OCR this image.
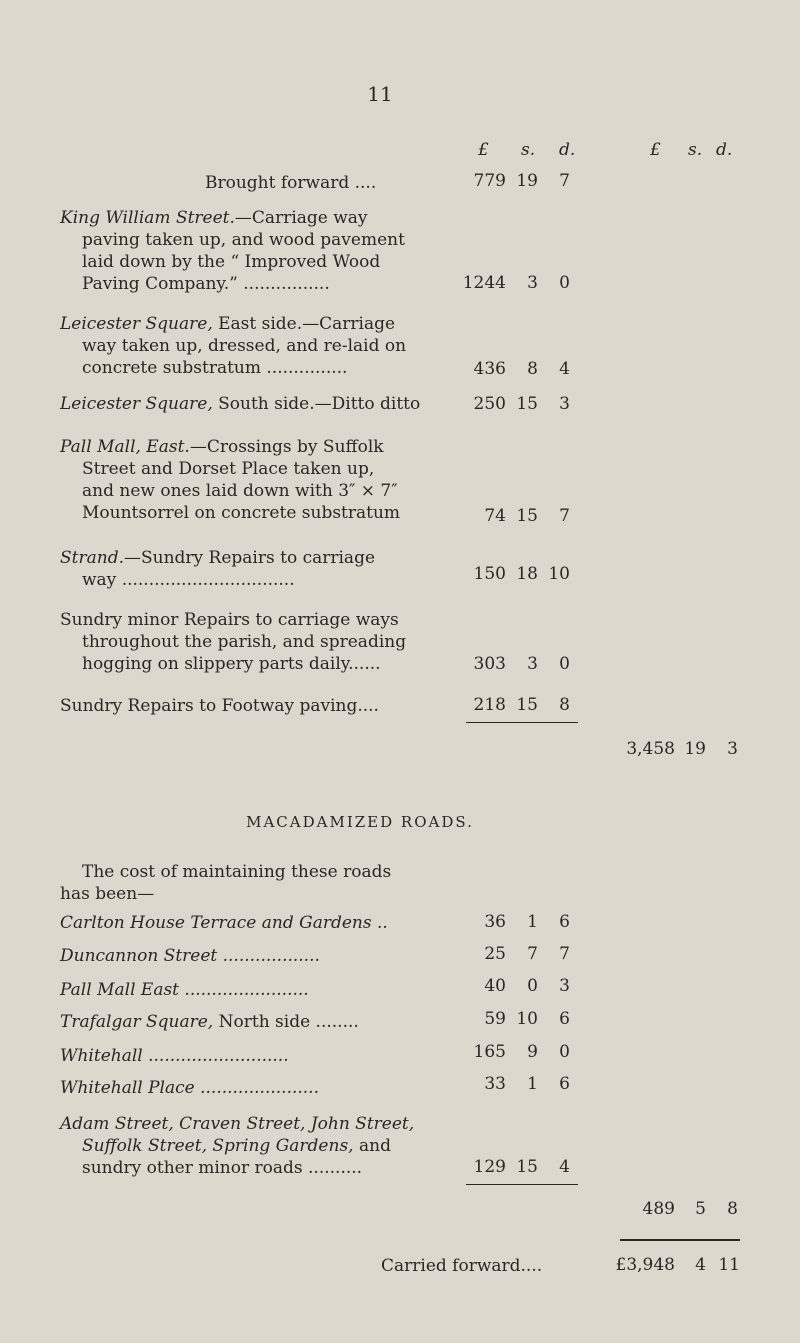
11
£ s. d.	£ s. d.
Brought forward ....	779 19	7
King William Street.—Carriage way
paving taken up, and wood pavement
laid down by the “ Improved Wood
Paving Company.” ................	1244	3	0
Leicester Square, East side.—Carriage
way taken up, dressed, and re-laid on
concrete substratum ...............	436	8	4
Leicester Square, South side.—Ditto ditto	250 15	3
Pall Mall, East.—Crossings by Suffolk
Street and Dorset Place taken up,
and new ones laid down with 3″ × 7″
Mountsorrel on concrete substratum	74 15	7
Strand.—Sundry Repairs to carriage
way ................................	150 18 10
Sundry minor Repairs to carriage ways
throughout the parish, and spreading
hogging on slippery parts daily......	303	3	0
Sundry Repairs to Footway paving....	218 15	8
3,458 19	3
MACADAMIZED ROADS.
The cost of maintaining these roads
has been—
Carlton House Terrace and Gardens ..	36	1	6
Duncannon Street ..................	25	7	7
Pall Mall East .......................	40	0	3
Trafalgar Square, North side ........	59 10	6
Whitehall ..........................	165	9	0
Whitehall Place ......................	33	1	6
Adam Street, Craven Street, John Street,
Suffolk Street, Spring Gardens, and
sundry other minor roads ..........	129 15	4
489	5	8
Carried forward....	£3,948	4 11
